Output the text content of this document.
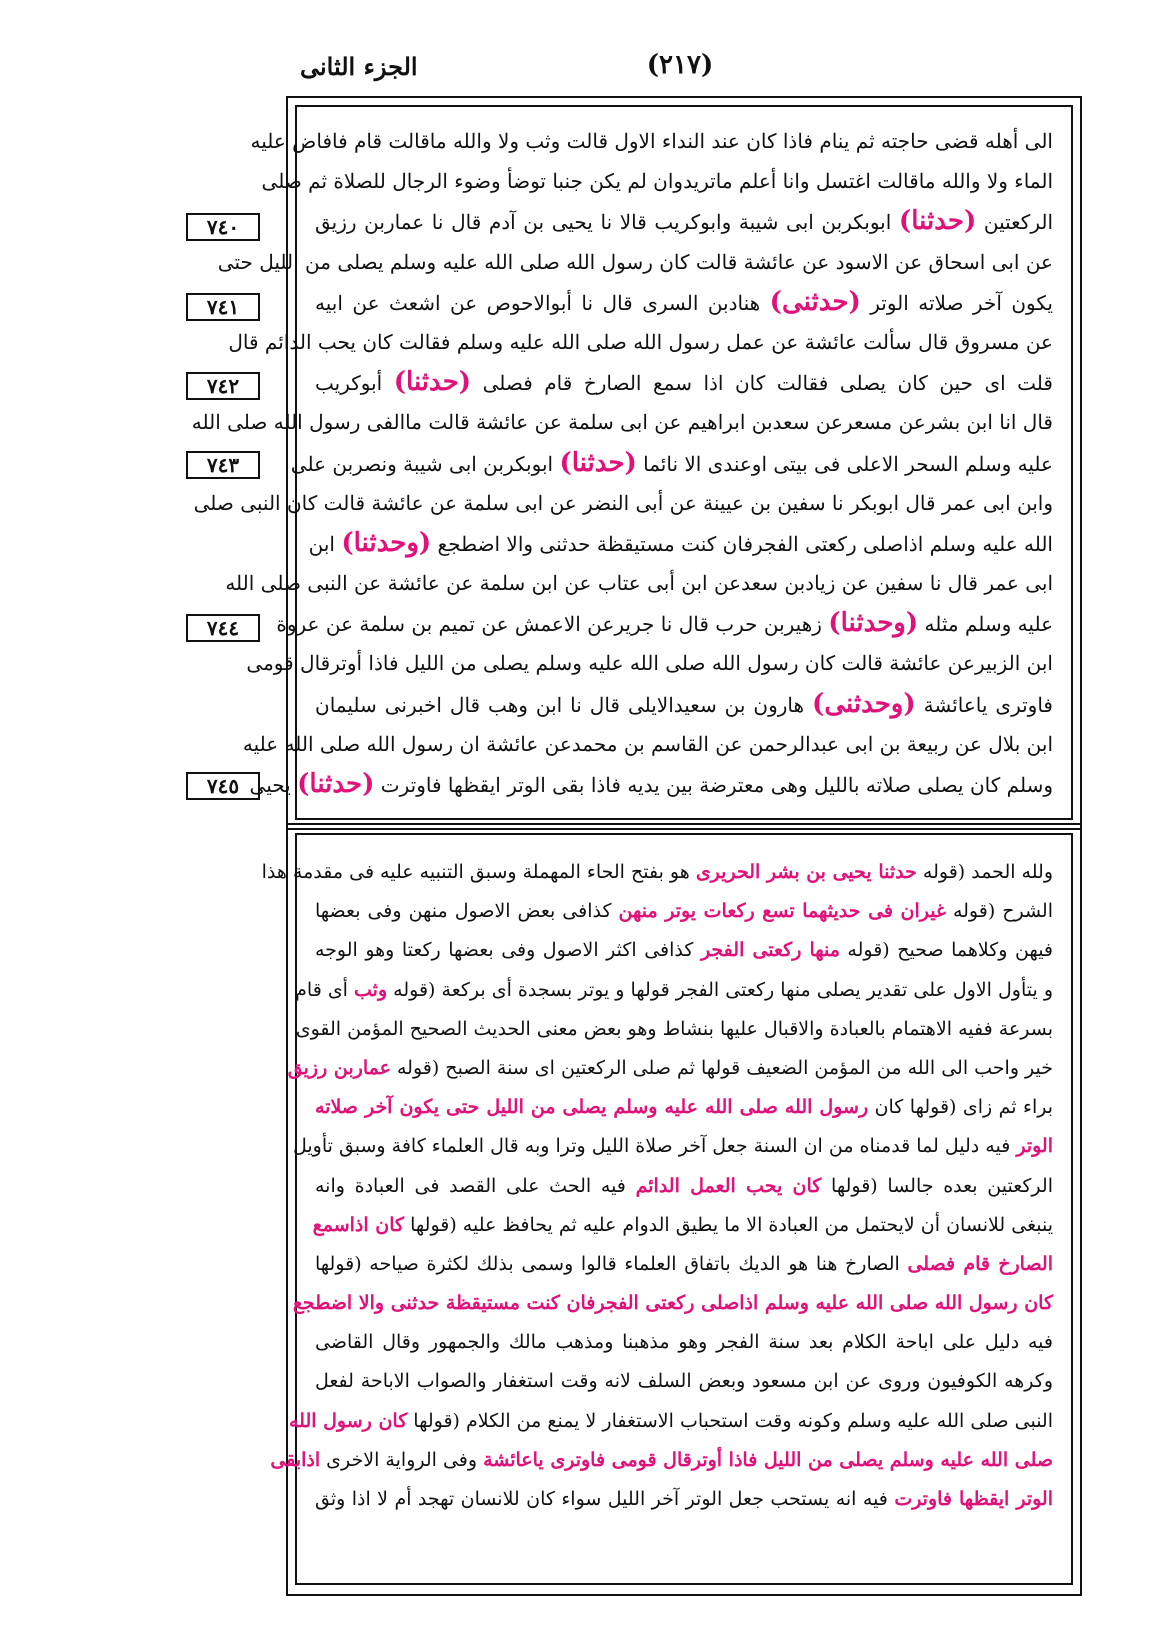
الجزء الثانى	(٢١٧)
٧٤٠
٧٤١
٧٤٢
٧٤٣
٧٤٤
٧٤٥
الى أهله قضى حاجته ثم ينام فاذا كان عند النداء الاول قالت وثب ولا والله ماقالت قام فافاض عليه
الماء ولا والله ماقالت اغتسل وانا أعلم ماتريدوان لم يكن جنبا توضأ وضوء الرجال للصلاة ثم صلى
الركعتين (حدثنا) ابوبكربن ابى شيبة وابوكريب قالا نا يحيى بن آدم قال نا عماربن رزيق
عن ابى اسحاق عن الاسود عن عائشة قالت كان رسول الله صلى الله عليه وسلم يصلى من الليل حتى
يكون آخر صلاته الوتر (حدثنى) هنادبن السرى قال نا أبوالاحوص عن اشعث عن ابيه
عن مسروق قال سألت عائشة عن عمل رسول الله صلى الله عليه وسلم فقالت كان يحب الدائم قال
قلت اى حين كان يصلى فقالت كان اذا سمع الصارخ قام فصلى (حدثنا) أبوكريب
قال انا ابن بشرعن مسعرعن سعدبن ابراهيم عن ابى سلمة عن عائشة قالت ماالفى رسول الله صلى الله
عليه وسلم السحر الاعلى فى بيتى اوعندى الا نائما (حدثنا) ابوبكربن ابى شيبة ونصربن على
وابن ابى عمر قال ابوبكر نا سفين بن عيينة عن أبى النضر عن ابى سلمة عن عائشة قالت كان النبى صلى
الله عليه وسلم اذاصلى ركعتى الفجرفان كنت مستيقظة حدثنى والا اضطجع (وحدثنا) ابن
ابى عمر قال نا سفين عن زيادبن سعدعن ابن أبى عتاب عن ابن سلمة عن عائشة عن النبى صلى الله
عليه وسلم مثله (وحدثنا) زهيربن حرب قال نا جريرعن الاعمش عن تميم بن سلمة عن عروة
ابن الزبيرعن عائشة قالت كان رسول الله صلى الله عليه وسلم يصلى من الليل فاذا أوترقال قومى
فاوترى ياعائشة (وحدثنى) هارون بن سعيدالايلى قال نا ابن وهب قال اخبرنى سليمان
ابن بلال عن ربيعة بن ابى عبدالرحمن عن القاسم بن محمدعن عائشة ان رسول الله صلى الله عليه
وسلم كان يصلى صلاته بالليل وهى معترضة بين يديه فاذا بقى الوتر ايقظها فاوترت (حدثنا) يحيى
ولله الحمد (قوله حدثنا يحيى بن بشر الحريرى هو بفتح الحاء المهملة وسبق التنبيه عليه فى مقدمة هذا
الشرح (قوله غيران فى حديثهما تسع ركعات يوتر منهن كذافى بعض الاصول منهن وفى بعضها
فيهن وكلاهما صحيح (قوله منها ركعتى الفجر كذافى اكثر الاصول وفى بعضها ركعتا وهو الوجه
و يتأول الاول على تقدير يصلى منها ركعتى الفجر قولها و يوتر بسجدة أى بركعة (قوله وثب أى قام
بسرعة ففيه الاهتمام بالعبادة والاقبال عليها بنشاط وهو بعض معنى الحديث الصحيح المؤمن القوى
خير واحب الى الله من المؤمن الضعيف قولها ثم صلى الركعتين اى سنة الصبح (قوله عماربن رزيق
براء ثم زاى (قولها كان رسول الله صلى الله عليه وسلم يصلى من الليل حتى يكون آخر صلاته
الوتر فيه دليل لما قدمناه من ان السنة جعل آخر صلاة الليل وترا وبه قال العلماء كافة وسبق تأويل
الركعتين بعده جالسا (قولها كان يحب العمل الدائم فيه الحث على القصد فى العبادة وانه
ينبغى للانسان أن لايحتمل من العبادة الا ما يطيق الدوام عليه ثم يحافظ عليه (قولها كان اذاسمع
الصارخ قام فصلى الصارخ هنا هو الديك باتفاق العلماء قالوا وسمى بذلك لكثرة صياحه (قولها
كان رسول الله صلى الله عليه وسلم اذاصلى ركعتى الفجرفان كنت مستيقظة حدثنى والا اضطجع
فيه دليل على اباحة الكلام بعد سنة الفجر وهو مذهبنا ومذهب مالك والجمهور وقال القاضى
وكرهه الكوفيون وروى عن ابن مسعود وبعض السلف لانه وقت استغفار والصواب الاباحة لفعل
النبى صلى الله عليه وسلم وكونه وقت استحباب الاستغفار لا يمنع من الكلام (قولها كان رسول الله
صلى الله عليه وسلم يصلى من الليل فاذا أوترقال قومى فاوترى ياعائشة وفى الرواية الاخرى اذابقى
الوتر ايقظها فاوترت فيه انه يستحب جعل الوتر آخر الليل سواء كان للانسان تهجد أم لا اذا وثق
